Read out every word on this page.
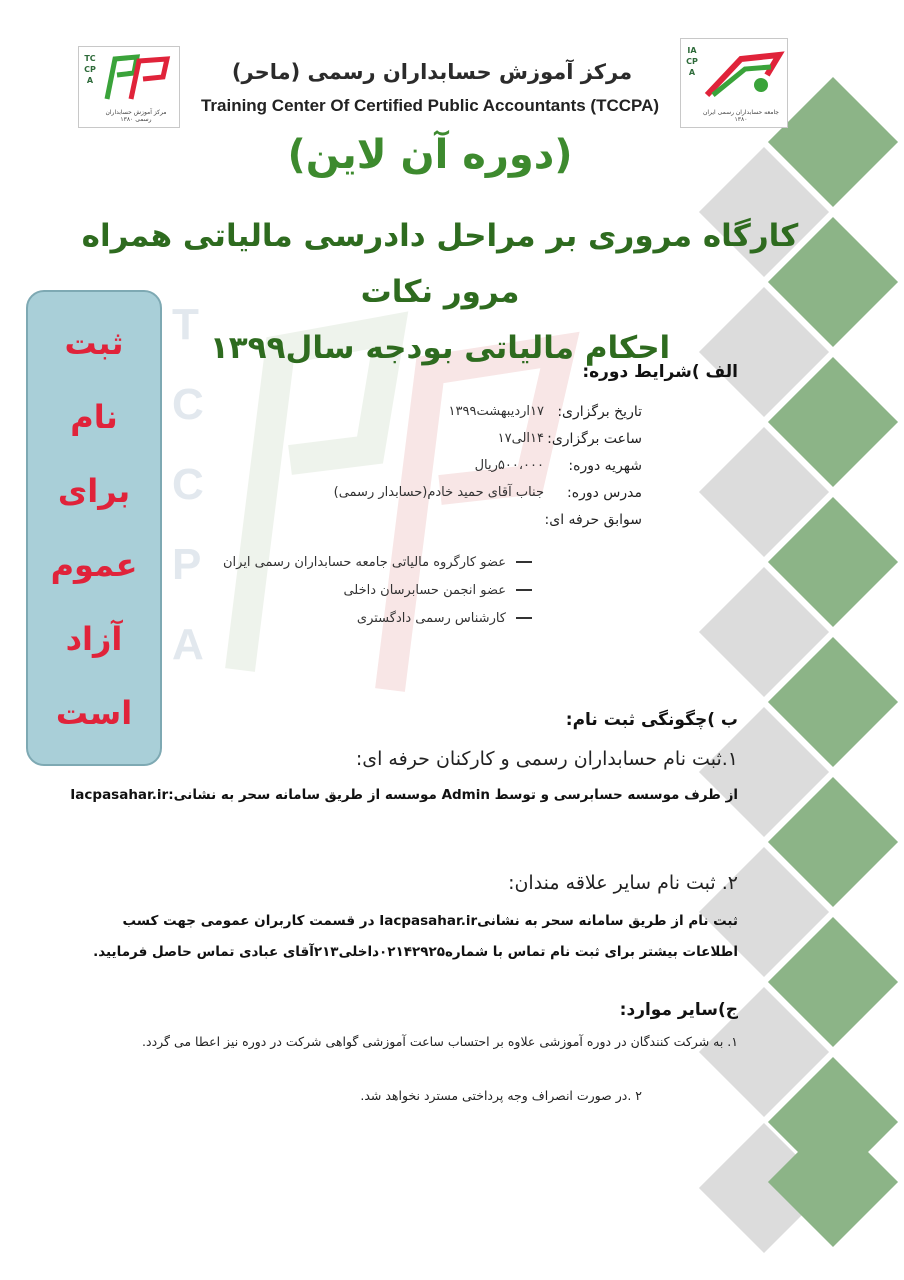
T
C
C
P
A
TCCPA
مرکز آموزش حسابداران رسمی ۱۳۸۰
IACPA
جامعه حسابداران رسمی ایران ۱۳۸۰
مرکز آموزش حسابداران رسمی (ماحر)
Training Center Of Certified Public Accountants (TCCPA)
(دوره آن لاین)
کارگاه مروری بر مراحل دادرسی مالیاتی همراه مرور نکات
احکام مالیاتی بودجه سال۱۳۹۹
ثبت
نام
برای
عموم
آزاد
است
الف )شرایط دوره:
تاریخ برگزاری:
۱۷اردیبهشت۱۳۹۹
ساعت برگزاری:
۱۴الی۱۷
شهریه دوره:
۵۰۰،۰۰۰ریال
مدرس دوره:
جناب آقای حمید خادم(حسابدار رسمی)
سوابق حرفه ای:
عضو کارگروه مالیاتی جامعه حسابداران رسمی ایران
عضو انجمن حسابرسان داخلی
کارشناس رسمی دادگستری
ب )چگونگی ثبت نام:
۱.ثبت نام حسابداران رسمی و کارکنان حرفه ای:
از طرف موسسه حسابرسی و توسط Admin موسسه از طریق سامانه سحر به نشانی:Iacpasahar.ir
۲. ثبت نام سایر علاقه مندان:
ثبت نام از طریق سامانه سحر به نشانیIacpasahar.ir در قسمت کاربران عمومی جهت کسب
اطلاعات بیشتر برای ثبت نام تماس با شماره۰۲۱۴۲۹۲۵داخلی۲۱۳آقای عبادی تماس حاصل فرمایید.
ج)سایر موارد:
۱. به شرکت کنندگان در دوره آموزشی علاوه بر احتساب ساعت آموزشی گواهی شرکت در دوره نیز اعطا می گردد.
۲ .در صورت انصراف وجه پرداختی مسترد نخواهد شد.
